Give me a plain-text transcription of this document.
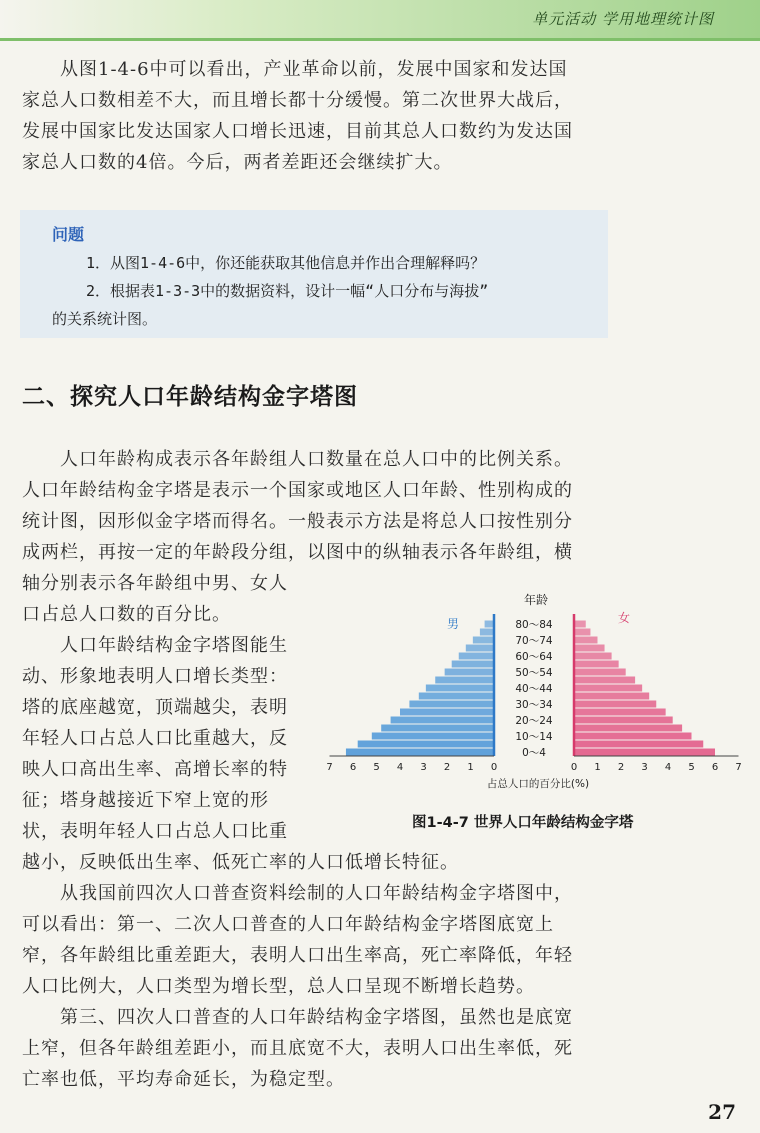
单元活动 学用地理统计图

从图1-4-6中可以看出，产业革命以前，发展中国家和发达国

家总人口数相差不大，而且增长都十分缓慢。第二次世界大战后，

发展中国家比发达国家人口增长迅速，目前其总人口数约为发达国

家总人口数的4倍。今后，两者差距还会继续扩大。

问题
1．从图1-4-6中，你还能获取其他信息并作出合理解释吗？
2．根据表1-3-3中的数据资料，设计一幅“人口分布与海拔”
的关系统计图。
二、探究人口年龄结构金字塔图

人口年龄构成表示各年龄组人口数量在总人口中的比例关系。

人口年龄结构金字塔是表示一个国家或地区人口年龄、性别构成的

统计图，因形似金字塔而得名。一般表示方法是将总人口按性别分

成两栏，再按一定的年龄段分组，以图中的纵轴表示各年龄组，横

轴分别表示各年龄组中男、女人

口占总人口数的百分比。

人口年龄结构金字塔图能生

动、形象地表明人口增长类型：

塔的底座越宽，顶端越尖，表明

年轻人口占总人口比重越大，反

映人口高出生率、高增长率的特

征；塔身越接近下窄上宽的形

状，表明年轻人口占总人口比重

越小，反映低出生率、低死亡率的人口低增长特征。

从我国前四次人口普查资料绘制的人口年龄结构金字塔图中，

可以看出：第一、二次人口普查的人口年龄结构金字塔图底宽上

窄，各年龄组比重差距大，表明人口出生率高，死亡率降低，年轻

人口比例大，人口类型为增长型，总人口呈现不断增长趋势。

第三、四次人口普查的人口年龄结构金字塔图，虽然也是底宽

上窄，但各年龄组差距小，而且底宽不大，表明人口出生率低，死

亡率也低，平均寿命延长，为稳定型。

年龄
男	女
80～84
70～74
60～64
50～54
40～44
30～34
20～24
10～14
0～4
7 6 5 4 3 2 1 0	0 1 2 3 4 5 6 7
占总人口的百分比(%)
图1-4-7 世界人口年龄结构金字塔
27
